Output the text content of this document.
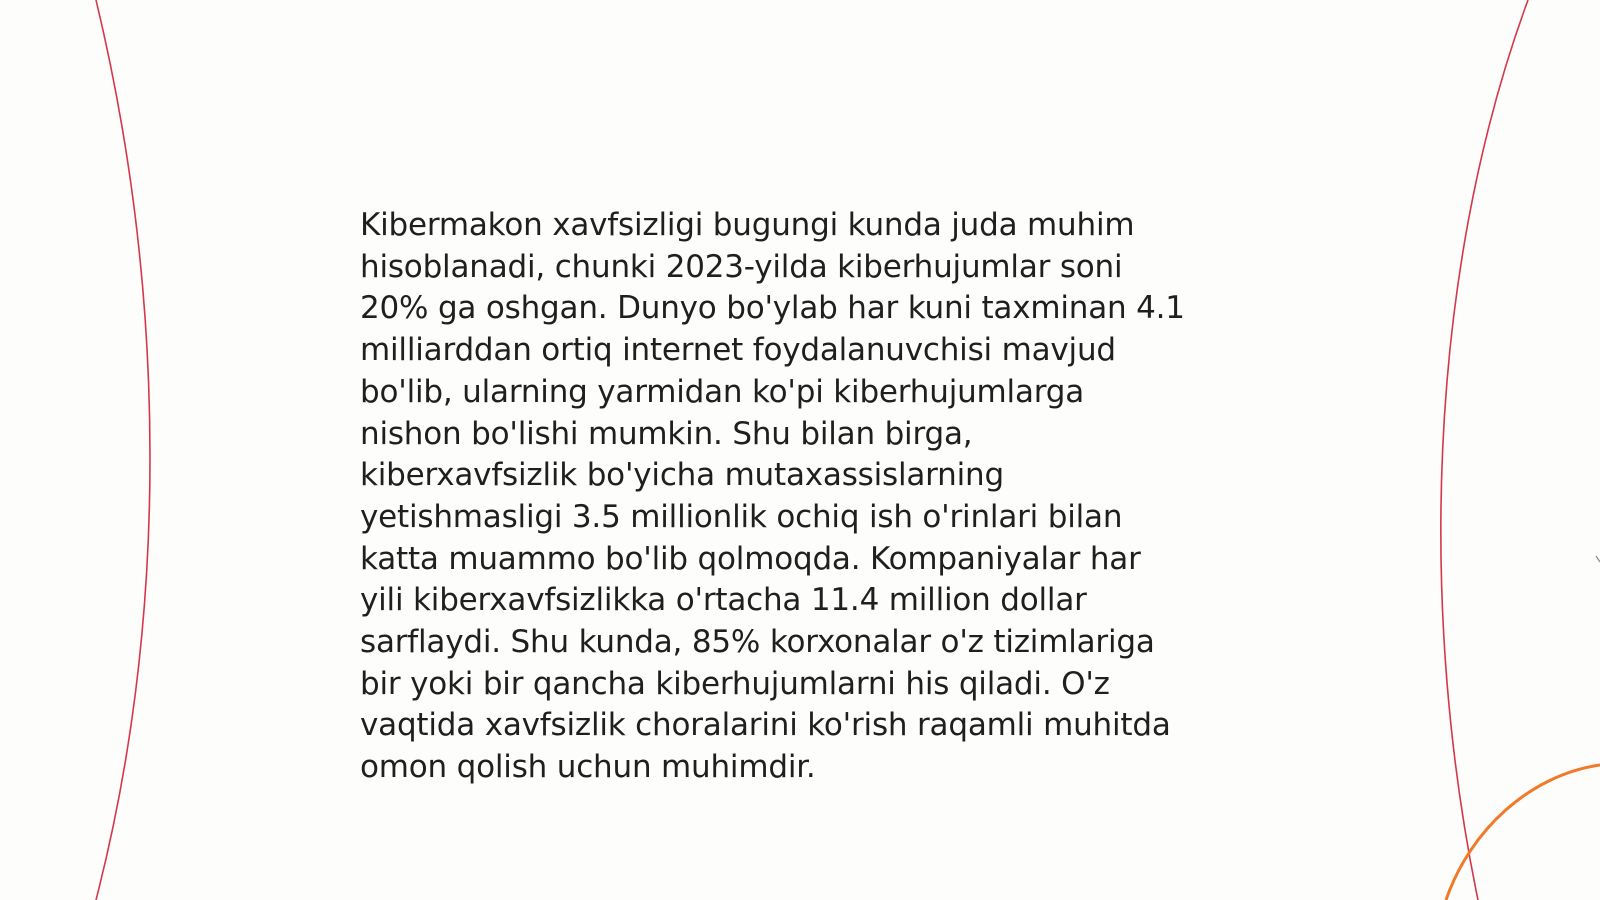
Kibermakon xavfsizligi bugungi kunda juda muhim
hisoblanadi, chunki 2023-yilda kiberhujumlar soni
20% ga oshgan. Dunyo bo'ylab har kuni taxminan 4.1
milliarddan ortiq internet foydalanuvchisi mavjud
bo'lib, ularning yarmidan ko'pi kiberhujumlarga
nishon bo'lishi mumkin. Shu bilan birga,
kiberxavfsizlik bo'yicha mutaxassislarning
yetishmasligi 3.5 millionlik ochiq ish o'rinlari bilan
katta muammo bo'lib qolmoqda. Kompaniyalar har
yili kiberxavfsizlikka o'rtacha 11.4 million dollar
sarflaydi. Shu kunda, 85% korxonalar o'z tizimlariga
bir yoki bir qancha kiberhujumlarni his qiladi. O'z
vaqtida xavfsizlik choralarini ko'rish raqamli muhitda
omon qolish uchun muhimdir.
